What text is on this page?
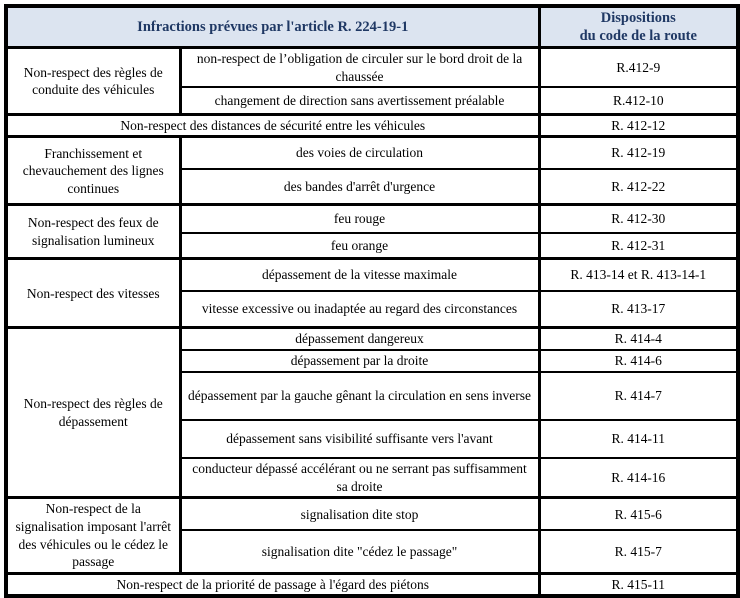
Infractions prévues par l'article R. 224-19-1		Dispositions
du code de la route

Non-respect des règles de conduite des véhicules	non-respect de l’obligation de circuler sur le bord droit de la chaussée	R.412-9
	changement de direction sans avertissement préalable	R.412-10
Non-respect des distances de sécurité entre les véhicules		R. 412-12
Franchissement et chevauchement des lignes continues	des voies de circulation	R. 412-19
	des bandes d'arrêt d'urgence	R. 412-22
Non-respect des feux de signalisation lumineux	feu rouge	R. 412-30
	feu orange	R. 412-31
Non-respect des vitesses	dépassement de la vitesse maximale	R. 413-14 et R. 413-14-1
	vitesse excessive ou inadaptée au regard des circonstances	R. 413-17
Non-respect des règles de dépassement	dépassement dangereux	R. 414-4
	dépassement par la droite	R. 414-6
	dépassement par la gauche gênant la circulation en sens inverse	R. 414-7
	dépassement sans visibilité suffisante vers l'avant	R. 414-11
	conducteur dépassé accélérant ou ne serrant pas suffisamment sa droite	R. 414-16
Non-respect de la signalisation imposant l'arrêt des véhicules ou le cédez le passage	signalisation dite stop	R. 415-6
	signalisation dite "cédez le passage"	R. 415-7
Non-respect de la priorité de passage à l'égard des piétons		R. 415-11
